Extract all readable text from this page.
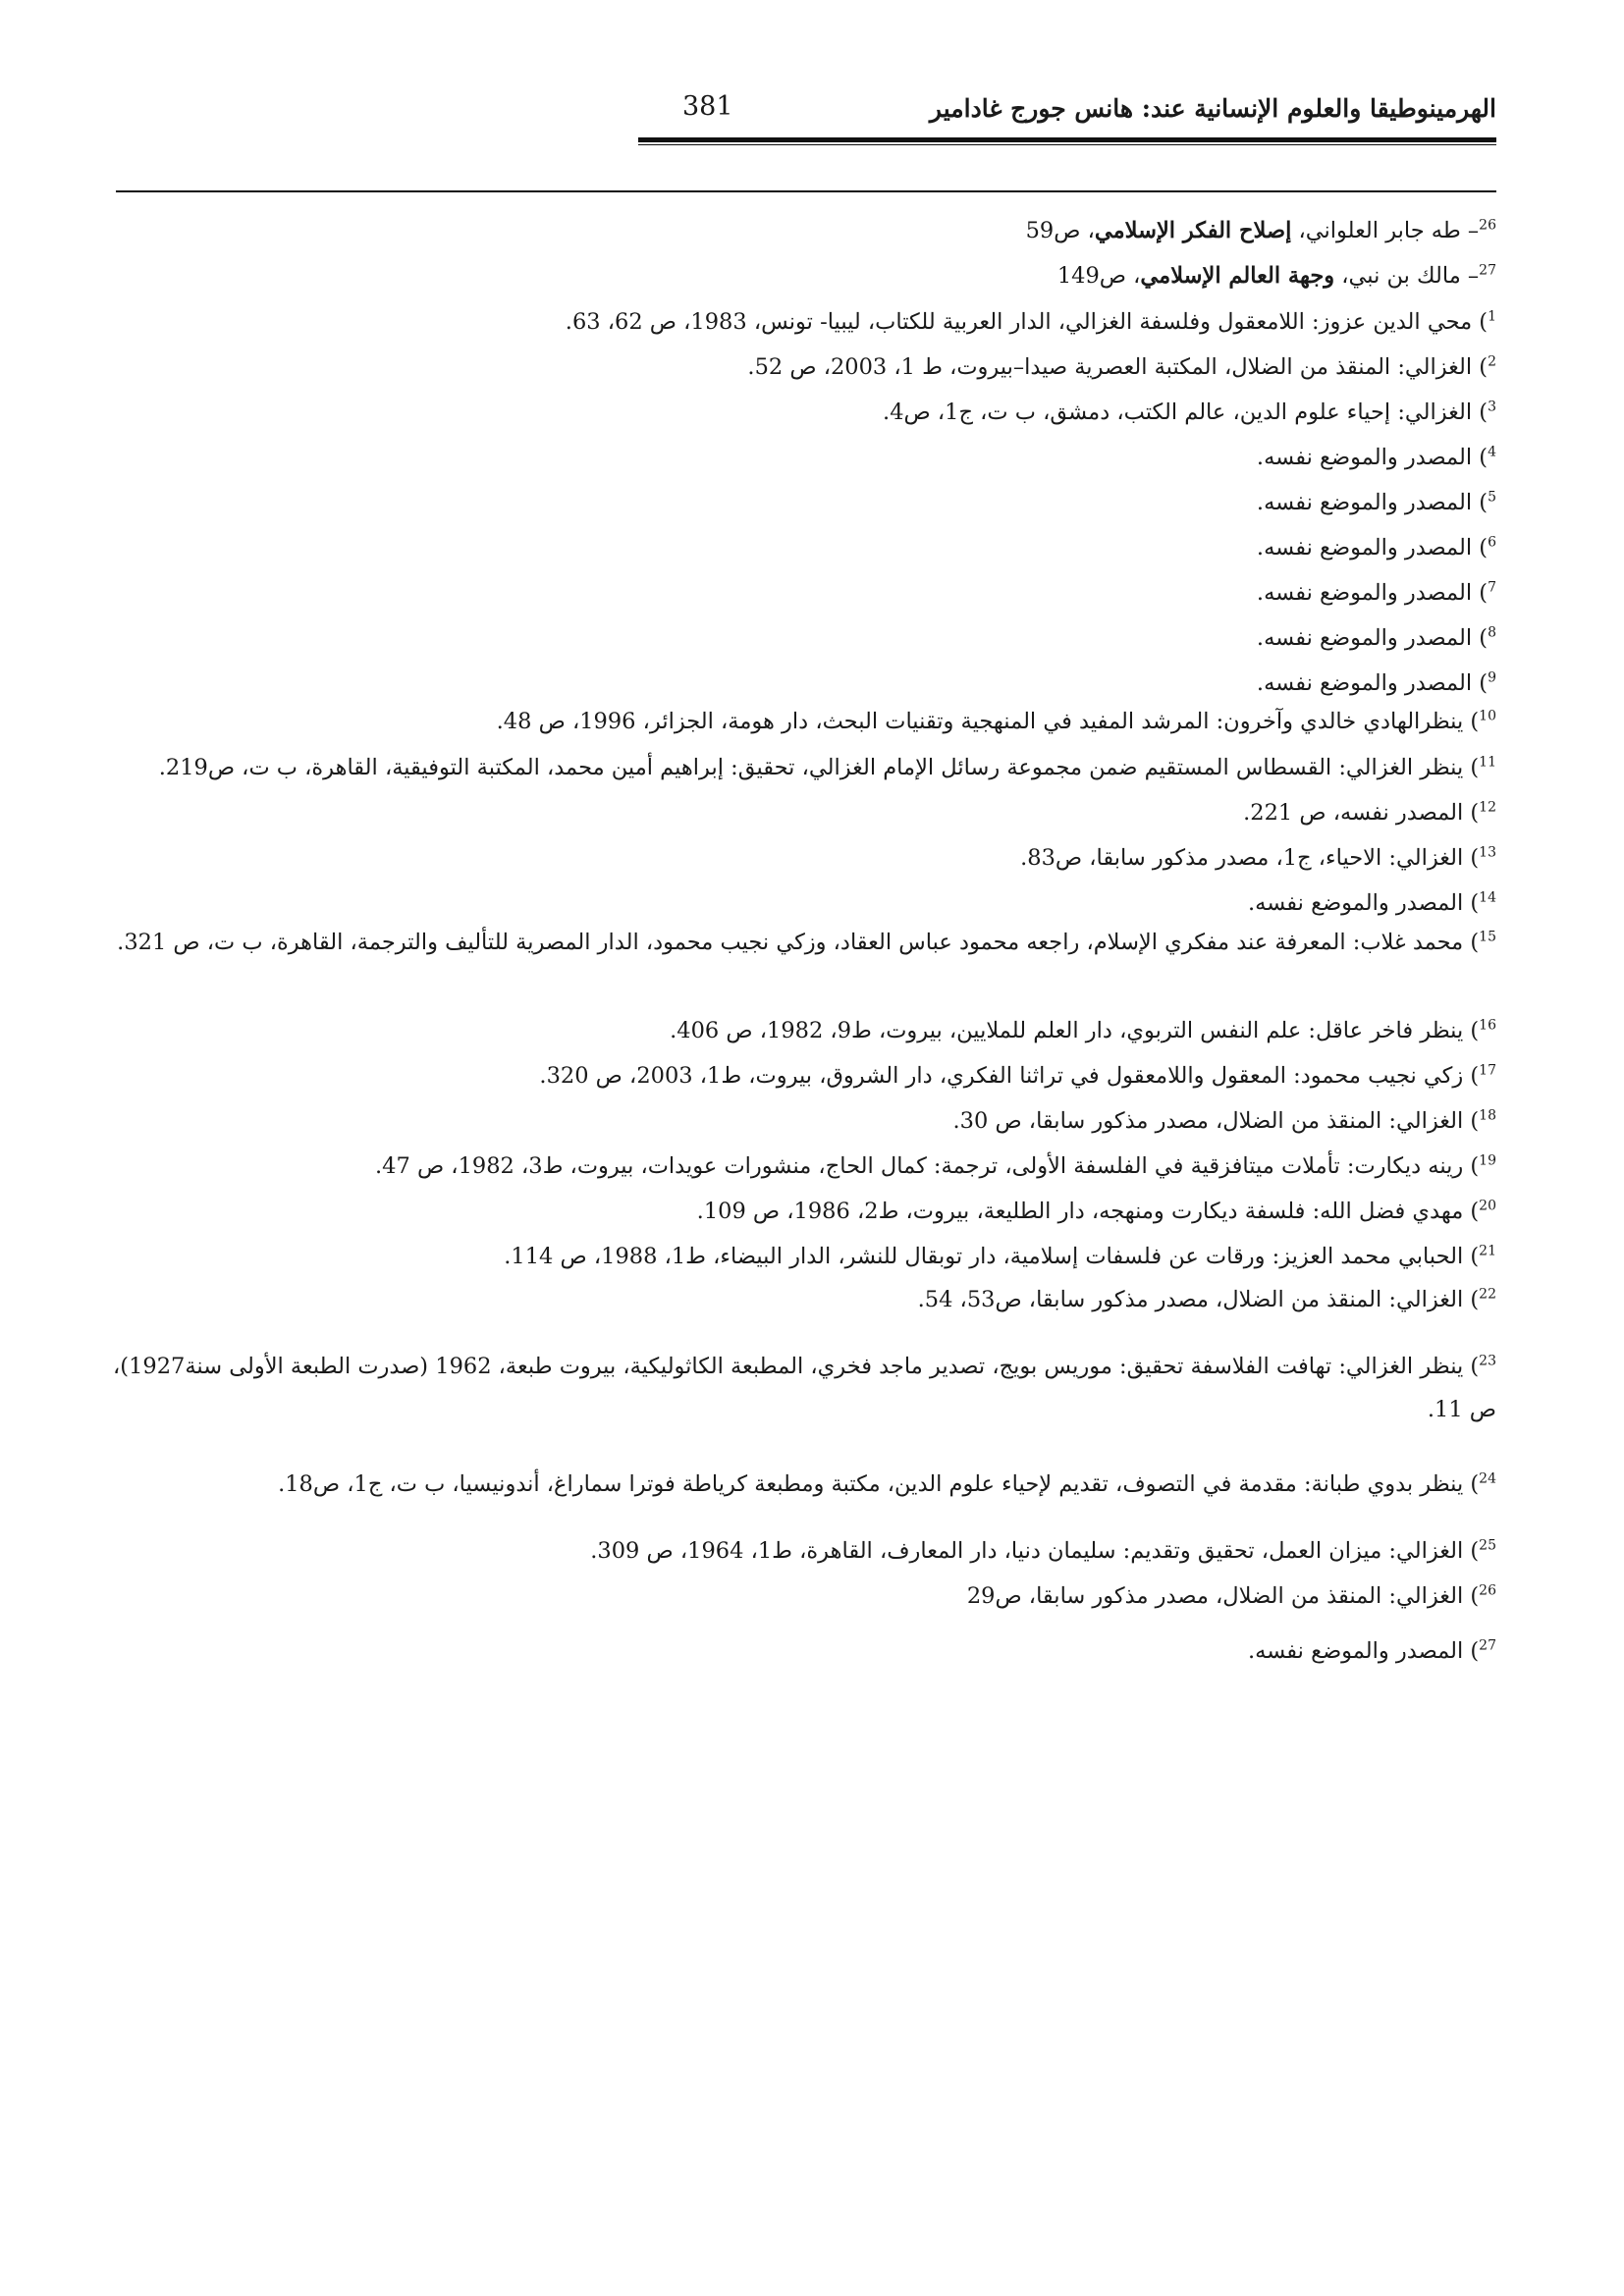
الهرمينوطيقا والعلوم الإنسانية عند: هانس جورج غادامير
381
$^{26}$– طه جابر العلواني، إصلاح الفكر الإسلامي، ص59
$^{27}$– مالك بن نبي، وجهة العالم الإسلامي، ص149
$^1$) محي الدين عزوز: اللامعقول وفلسفة الغزالي، الدار العربية للكتاب، ليبيا- تونس، 1983، ص 62، 63.
$^2$) الغزالي: المنقذ من الضلال، المكتبة العصرية صيدا–بيروت، ط 1، 2003، ص 52.
$^3$) الغزالي: إحياء علوم الدين، عالم الكتب، دمشق، ب ت، ج1، ص4.
$^4$) المصدر والموضع نفسه.
$^5$) المصدر والموضع نفسه.
$^6$) المصدر والموضع نفسه.
$^7$) المصدر والموضع نفسه.
$^8$) المصدر والموضع نفسه.
$^9$) المصدر والموضع نفسه.
$^{10}$) ينظرالهادي خالدي وآخرون: المرشد المفيد في المنهجية وتقنيات البحث، دار هومة، الجزائر، 1996، ص 48.
$^{11}$) ينظر الغزالي: القسطاس المستقيم ضمن مجموعة رسائل الإمام الغزالي، تحقيق: إبراهيم أمين محمد، المكتبة التوفيقية، القاهرة، ب ت، ص219.
$^{12}$) المصدر نفسه، ص 221.
$^{13}$) الغزالي: الاحياء، ج1، مصدر مذكور سابقا، ص83.
$^{14}$) المصدر والموضع نفسه.
$^{15}$) محمد غلاب: المعرفة عند مفكري الإسلام، راجعه محمود عباس العقاد، وزكي نجيب محمود، الدار المصرية للتأليف والترجمة، القاهرة، ب ت، ص 321.
$^{16}$) ينظر فاخر عاقل: علم النفس التربوي، دار العلم للملايين، بيروت، ط9، 1982، ص 406.
$^{17}$) زكي نجيب محمود: المعقول واللامعقول في تراثنا الفكري، دار الشروق، بيروت، ط1، 2003، ص 320.
$^{18}$) الغزالي: المنقذ من الضلال، مصدر مذكور سابقا، ص 30.
$^{19}$) رينه ديكارت: تأملات ميتافزقية في الفلسفة الأولى، ترجمة: كمال الحاج، منشورات عويدات، بيروت، ط3، 1982، ص 47.
$^{20}$) مهدي فضل الله: فلسفة ديكارت ومنهجه، دار الطليعة، بيروت، ط2، 1986، ص 109.
$^{21}$) الحبابي محمد العزيز: ورقات عن فلسفات إسلامية، دار توبقال للنشر، الدار البيضاء، ط1، 1988، ص 114.
$^{22}$) الغزالي: المنقذ من الضلال، مصدر مذكور سابقا، ص53، 54.
$^{23}$) ينظر الغزالي: تهافت الفلاسفة تحقيق: موريس بويج، تصدير ماجد فخري، المطبعة الكاثوليكية، بيروت طبعة، 1962 (صدرت الطبعة الأولى سنة1927)، ص 11.
$^{24}$) ينظر بدوي طبانة: مقدمة في التصوف، تقديم لإحياء علوم الدين، مكتبة ومطبعة كرياطة فوترا سماراغ، أندونيسيا، ب ت، ج1، ص18.
$^{25}$) الغزالي: ميزان العمل، تحقيق وتقديم: سليمان دنيا، دار المعارف، القاهرة، ط1، 1964، ص 309.
$^{26}$) الغزالي: المنقذ من الضلال، مصدر مذكور سابقا، ص29
$^{27}$) المصدر والموضع نفسه.
